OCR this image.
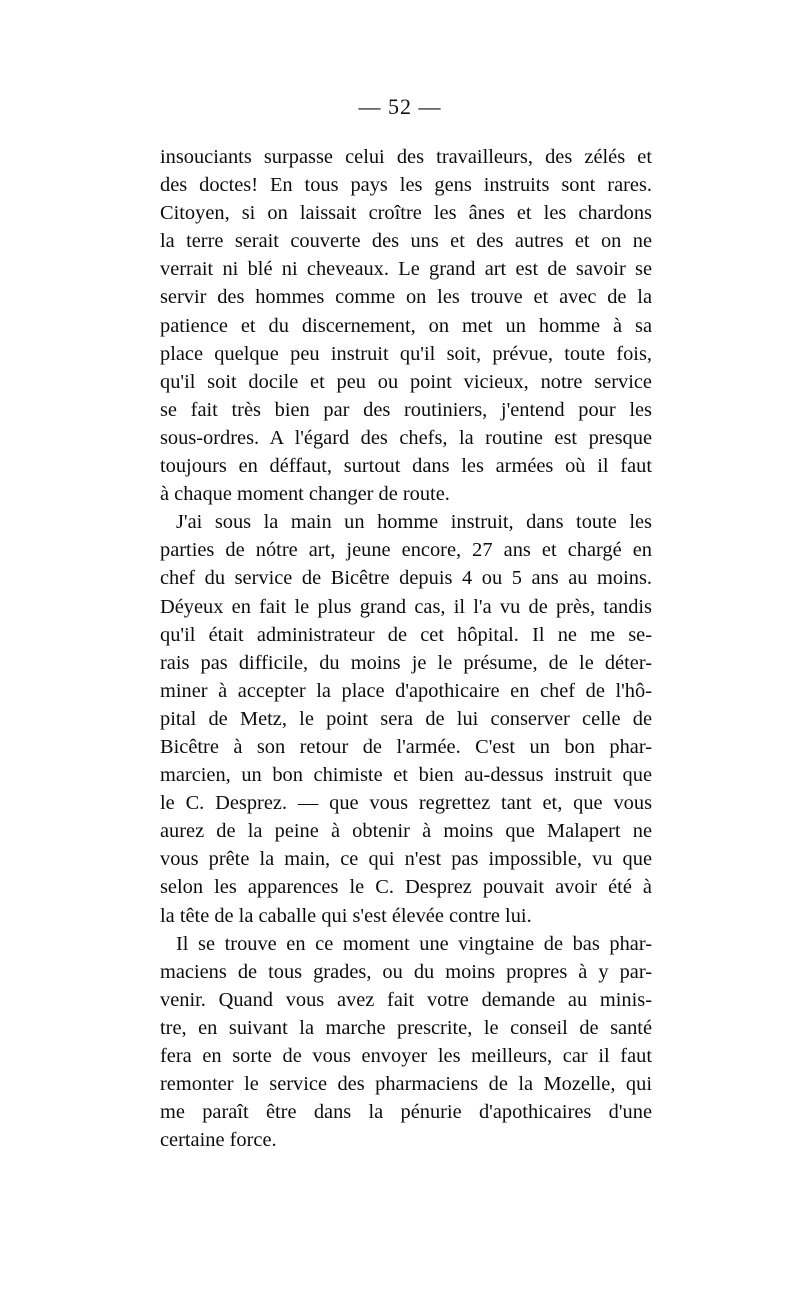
— 52 —
insouciants surpasse celui des travailleurs, des zélés et
des doctes! En tous pays les gens instruits sont rares.
Citoyen, si on laissait croître les ânes et les chardons
la terre serait couverte des uns et des autres et on ne
verrait ni blé ni cheveaux. Le grand art est de savoir se
servir des hommes comme on les trouve et avec de la
patience et du discernement, on met un homme à sa
place quelque peu instruit qu'il soit, prévue, toute fois,
qu'il soit docile et peu ou point vicieux, notre service
se fait très bien par des routiniers, j'entend pour les
sous-ordres. A l'égard des chefs, la routine est presque
toujours en déffaut, surtout dans les armées où il faut
à chaque moment changer de route.
J'ai sous la main un homme instruit, dans toute les
parties de nótre art, jeune encore, 27 ans et chargé en
chef du service de Bicêtre depuis 4 ou 5 ans au moins.
Déyeux en fait le plus grand cas, il l'a vu de près, tandis
qu'il était administrateur de cet hôpital. Il ne me se-
rais pas difficile, du moins je le présume, de le déter-
miner à accepter la place d'apothicaire en chef de l'hô-
pital de Metz, le point sera de lui conserver celle de
Bicêtre à son retour de l'armée. C'est un bon phar-
marcien, un bon chimiste et bien au-dessus instruit que
le C. Desprez. — que vous regrettez tant et, que vous
aurez de la peine à obtenir à moins que Malapert ne
vous prête la main, ce qui n'est pas impossible, vu que
selon les apparences le C. Desprez pouvait avoir été à
la tête de la caballe qui s'est élevée contre lui.
Il se trouve en ce moment une vingtaine de bas phar-
maciens de tous grades, ou du moins propres à y par-
venir. Quand vous avez fait votre demande au minis-
tre, en suivant la marche prescrite, le conseil de santé
fera en sorte de vous envoyer les meilleurs, car il faut
remonter le service des pharmaciens de la Mozelle, qui
me paraît être dans la pénurie d'apothicaires d'une
certaine force.
